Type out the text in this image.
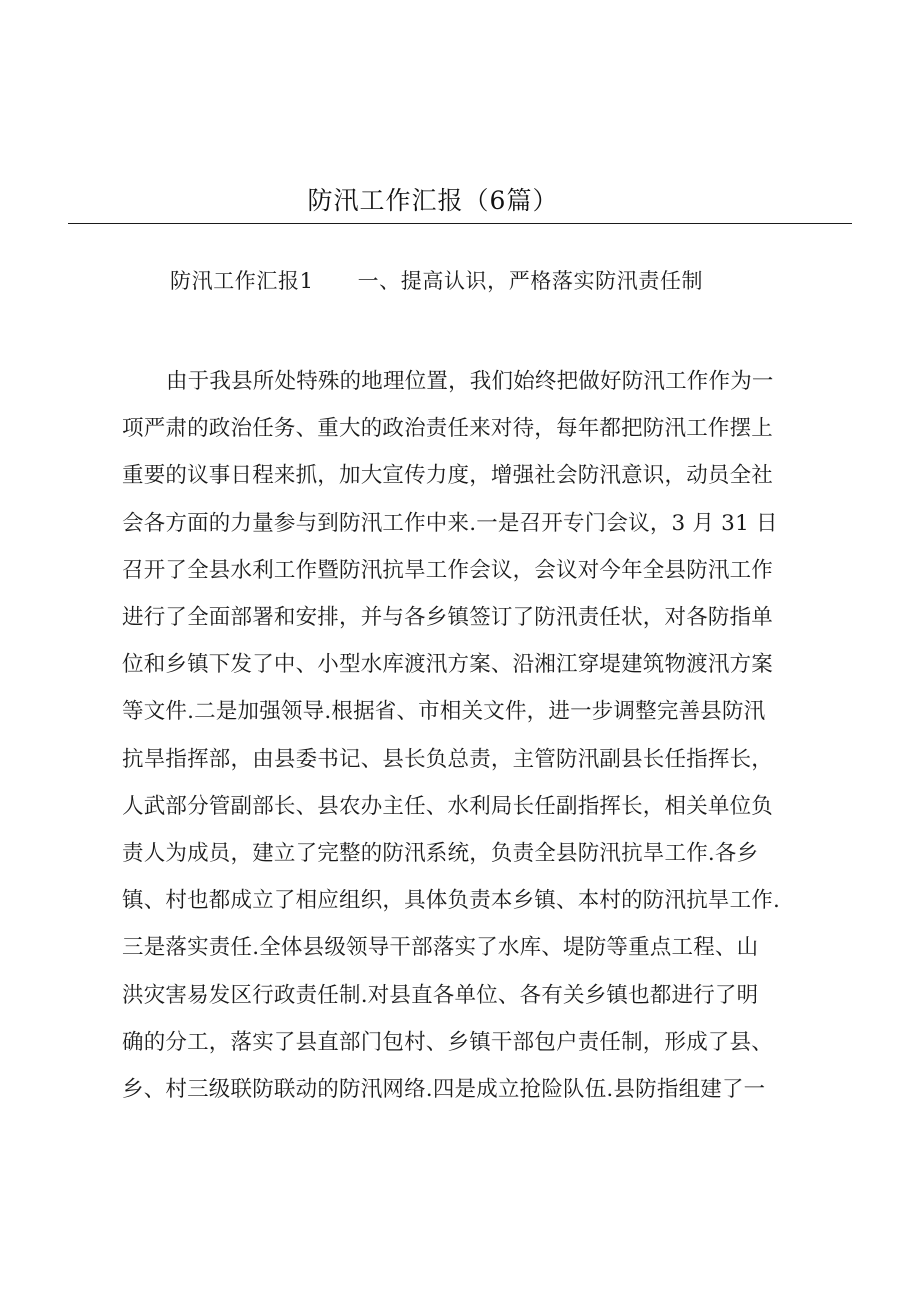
防汛工作汇报（6篇）
防汛工作汇报1 一、提高认识，严格落实防汛责任制
由于我县所处特殊的地理位置，我们始终把做好防汛工作作为一
项严肃的政治任务、重大的政治责任来对待，每年都把防汛工作摆上
重要的议事日程来抓，加大宣传力度，增强社会防汛意识，动员全社
会各方面的力量参与到防汛工作中来.一是召开专门会议，3 月 31 日
召开了全县水利工作暨防汛抗旱工作会议，会议对今年全县防汛工作
进行了全面部署和安排，并与各乡镇签订了防汛责任状，对各防指单
位和乡镇下发了中、小型水库渡汛方案、沿湘江穿堤建筑物渡汛方案
等文件.二是加强领导.根据省、市相关文件，进一步调整完善县防汛
抗旱指挥部，由县委书记、县长负总责，主管防汛副县长任指挥长，
人武部分管副部长、县农办主任、水利局长任副指挥长，相关单位负
责人为成员，建立了完整的防汛系统，负责全县防汛抗旱工作.各乡
镇、村也都成立了相应组织，具体负责本乡镇、本村的防汛抗旱工作.
三是落实责任.全体县级领导干部落实了水库、堤防等重点工程、山
洪灾害易发区行政责任制.对县直各单位、各有关乡镇也都进行了明
确的分工，落实了县直部门包村、乡镇干部包户责任制，形成了县、
乡、村三级联防联动的防汛网络.四是成立抢险队伍.县防指组建了一
